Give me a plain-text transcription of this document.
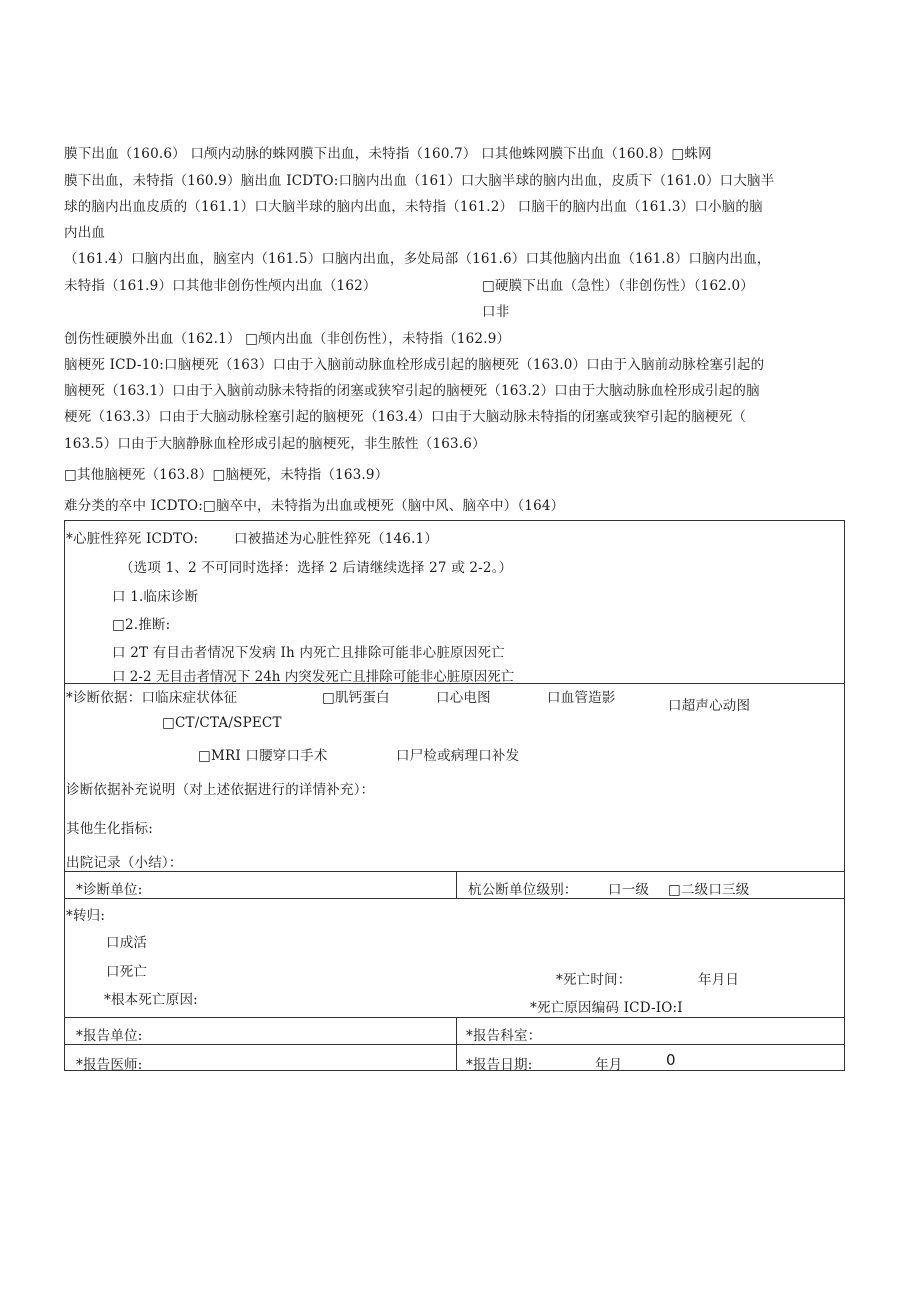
膜下出血（160.6） 口颅内动脉的蛛网膜下出血，未特指（160.7） 口其他蛛网膜下出血（160.8）□蛛网
膜下出血，未特指（160.9）脑出血 ICDTO:口脑内出血（161）口大脑半球的脑内出血，皮质下（161.0）口大脑半
球的脑内出血皮质的（161.1）口大脑半球的脑内出血，未特指（161.2） 口脑干的脑内出血（161.3）口小脑的脑
内出血
（161.4）口脑内出血，脑室内（161.5）口脑内出血，多处局部（161.6）口其他脑内出血（161.8）口脑内出血，
未特指（161.9）口其他非创伤性颅内出血（162）	□硬膜下出血（急性）（非创伤性）（162.0）
口非
创伤性硬膜外出血（162.1） □颅内出血（非创伤性），未特指（162.9）
脑梗死 ICD-10:口脑梗死（163）口由于入脑前动脉血栓形成引起的脑梗死（163.0）口由于入脑前动脉栓塞引起的
脑梗死（163.1）口由于入脑前动脉未特指的闭塞或狭窄引起的脑梗死（163.2）口由于大脑动脉血栓形成引起的脑
梗死（163.3）口由于大脑动脉栓塞引起的脑梗死（163.4）口由于大脑动脉未特指的闭塞或狭窄引起的脑梗死（
163.5）口由于大脑静脉血栓形成引起的脑梗死，非生脓性（163.6）
□其他脑梗死（163.8）□脑梗死，未特指（163.9）
难分类的卒中 ICDTO:□脑卒中，未特指为出血或梗死（脑中风、脑卒中）（164）
*心脏性猝死 ICDTO:	口被描述为心脏性猝死（146.1）
（选项 1、2 不可同时选择：选择 2 后请继续选择 27 或 2-2。）
口 1.临床诊断
□2.推断:
口 2T 有目击者情况下发病 Ih 内死亡且排除可能非心脏原因死亡
口 2-2 无目击者情况下 24h 内突发死亡且排除可能非心脏原因死亡
*诊断依据：口临床症状体征	□肌钙蛋白	口心电图	口血管造影	口超声心动图
□CT/CTA/SPECT
□MRI 口腰穿口手术	口尸检或病理口补发
诊断依据补充说明（对上述依据进行的详情补充）：
其他生化指标:
出院记录（小结）：
*诊断单位:	杭公断单位级别： 口一级 □二级口三级
*转归:
口成活
口死亡
*根本死亡原因:
*死亡时间：	年月日
*死亡原因编码 ICD-IO:I
*报告单位:	*报告科室：
*报告医师:	*报告日期:	年月	0
